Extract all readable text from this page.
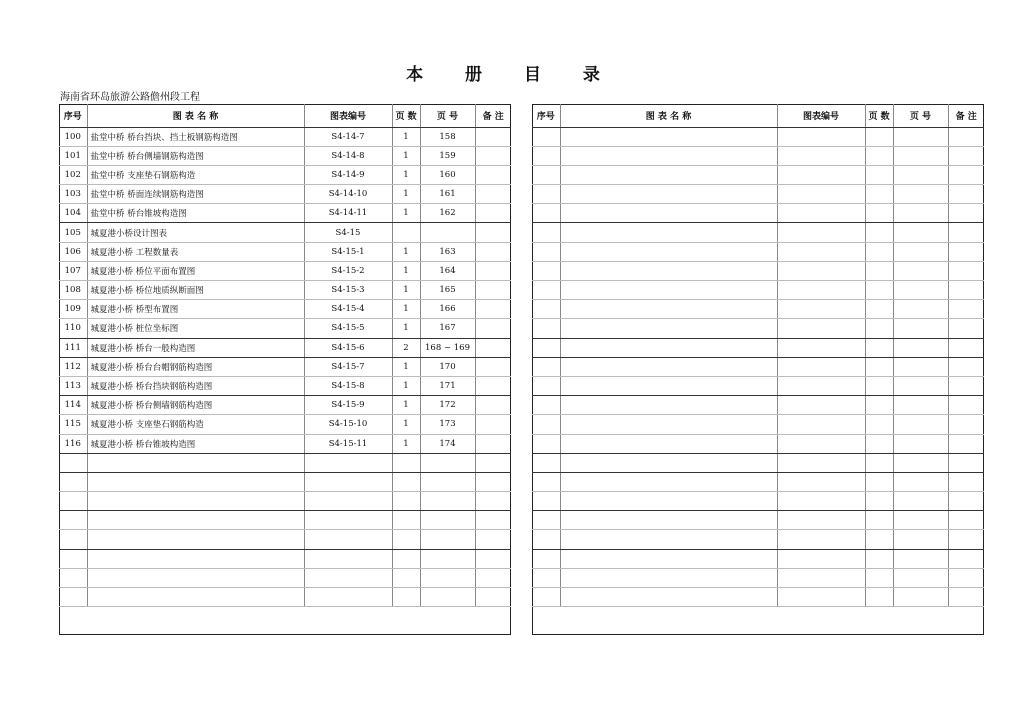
本 册 目 录
海南省环岛旅游公路儋州段工程
序号	图 表 名 称	图表编号	页 数	页 号	备 注
100	盐堂中桥 桥台挡块、挡土板钢筋构造图	S4-14-7	1	158	
101	盐堂中桥 桥台侧墙钢筋构造图	S4-14-8	1	159	
102	盐堂中桥 支座垫石钢筋构造	S4-14-9	1	160	
103	盐堂中桥 桥面连续钢筋构造图	S4-14-10	1	161	
104	盐堂中桥 桥台锥坡构造图	S4-14-11	1	162	
105	城夏港小桥设计图表	S4-15			
106	城夏港小桥 工程数量表	S4-15-1	1	163	
107	城夏港小桥 桥位平面布置图	S4-15-2	1	164	
108	城夏港小桥 桥位地质纵断面图	S4-15-3	1	165	
109	城夏港小桥 桥型布置图	S4-15-4	1	166	
110	城夏港小桥 桩位坐标图	S4-15-5	1	167	
111	城夏港小桥 桥台一般构造图	S4-15-6	2	168 ~ 169	
112	城夏港小桥 桥台台帽钢筋构造图	S4-15-7	1	170	
113	城夏港小桥 桥台挡块钢筋构造图	S4-15-8	1	171	
114	城夏港小桥 桥台侧墙钢筋构造图	S4-15-9	1	172	
115	城夏港小桥 支座垫石钢筋构造	S4-15-10	1	173	
116	城夏港小桥 桥台锥坡构造图	S4-15-11	1	174	

序号	图 表 名 称	图表编号	页 数	页 号	备 注
